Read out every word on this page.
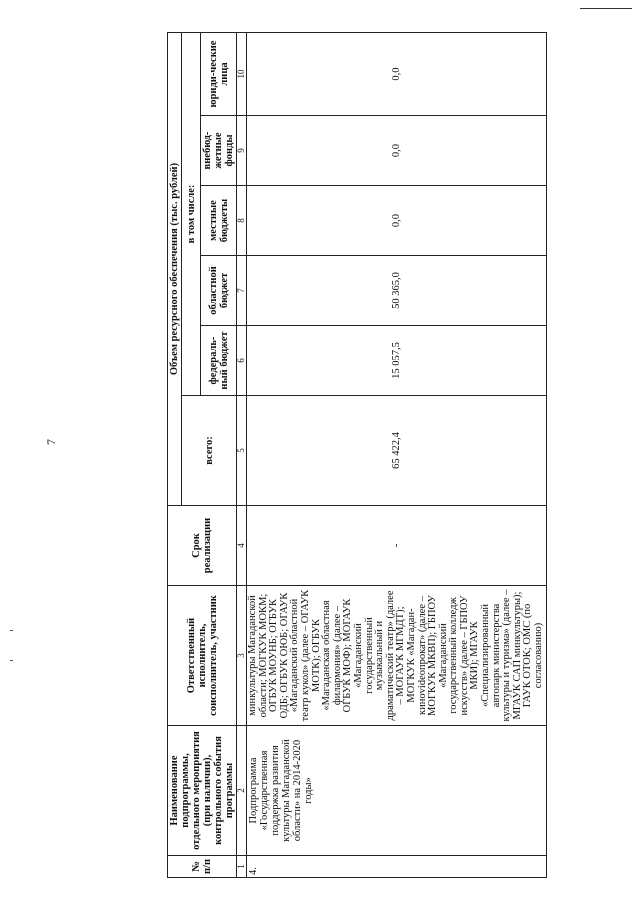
7
№ п/п	Наименование подпрограммы, отдельного мероприятия (при наличии), контрольного события программы	Ответственный исполнитель, соисполнитель, участник	Срок реализации	Объем ресурсного обеспечения (тыс. рублей)					
				всего:	в том числе:				
					федераль-ный бюджет	областной бюджет	местные бюджеты	внебюд-жетные фонды	юриди-ческие лица
1	2	3	4	5	6	7	8	9	10
4.	Подпрограмма «Государственная поддержка развития культуры Магаданской области» на 2014-2020 годы»	минкультуры Магаданской области; МОГКУК МОКМ; ОГБУК МОУНБ; ОГБУК ОДБ; ОГБУК ОЮБ; ОГАУК «Магаданский областной театр кукол» (далее – ОГАУК МОТК); ОГБУК «Магаданская областная филармония» (далее – ОГБУК МОФ); МОГАУК «Магаданский государственный музыкальный и драматический театр» (далее – МОГАУК МГМДТ); МОГКУК «Магадан-кинovideопрокат» (далее – МОГКУК МКВП); ГБПОУ «Магаданский государственный колледж искусств» (далее – ГБПОУ МКИ); МГАУК «Специализированный автопарк министерства культуры и туризма» (далее – МГАУК САП минкультуры); ГАУК ОТОК; ОМС (по согласованию)	-	65 422,4	15 057,5	50 365,0	0,0	0,0	0,0
